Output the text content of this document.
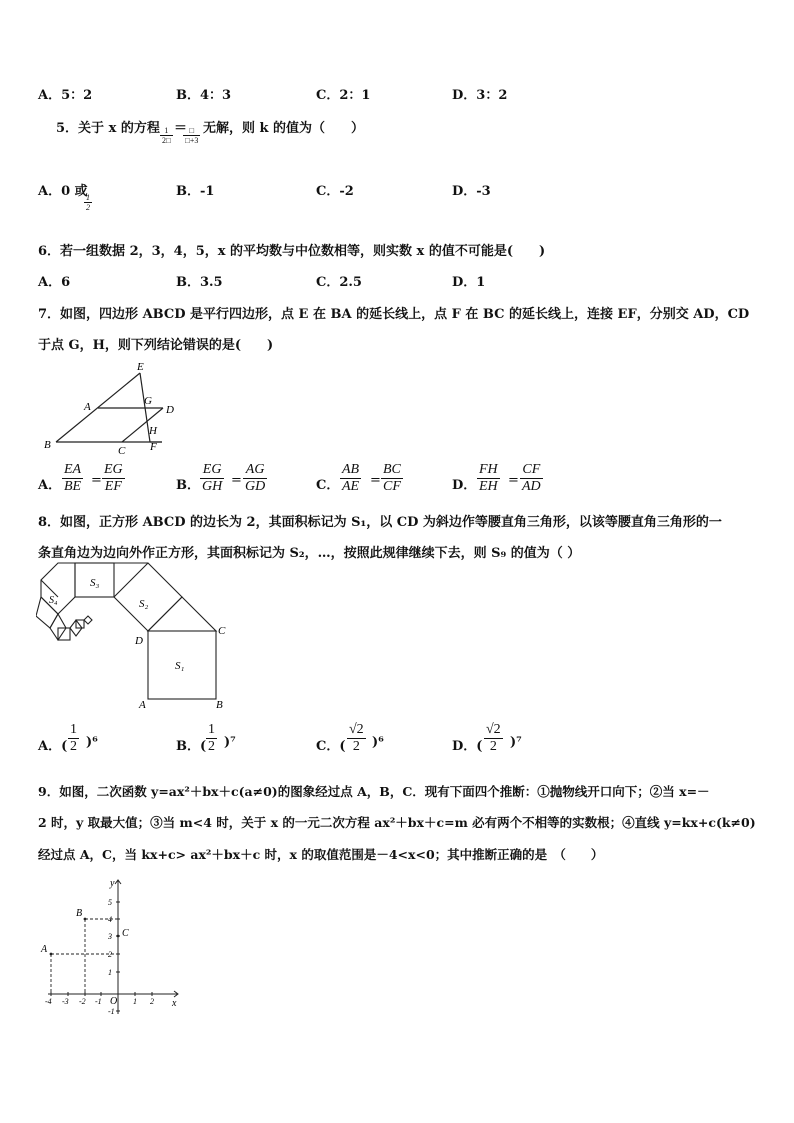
A．5：2	B．4：3	C．2：1	D．3：2
5．关于 x 的方程 $\frac{1}{2□}$ ＝ □
□+3
无解，则 k 的值为（　　）
A．0 或
$\frac{1}{2}$
B．-1	C．-2	D．-3
6．若一组数据 2，3，4，5，x 的平均数与中位数相等，则实数 x 的值不可能是(　　)
A．6	B．3.5	C．2.5	D．1
7．如图，四边形 ABCD 是平行四边形，点 E 在 BA 的延长线上，点 F 在 BC 的延长线上，连接 EF，分别交 AD，CD
于点 G，H，则下列结论错误的是(　　)
E
A	G
D
H
B	C F
A． $\frac{EA}{BE} = \frac{EG}{EF}$	B． $\frac{EG}{GH} = \frac{AG}{GD}$	C． $\frac{AB}{AE} = \frac{BC}{CF}$	D． $\frac{FH}{EH} = \frac{CF}{AD}$
8．如图，正方形 ABCD 的边长为 2，其面积标记为 S₁，以 CD 为斜边作等腰直角三角形，以该等腰直角三角形的一
条直角边为边向外作正方形，其面积标记为 S₂，…，按照此规律继续下去，则 S₉ 的值为（ ）
S₃
S₂
S₄
D
C
S₁
A	B
A．( $\frac{1}{2} )^6$	B．( $\frac{1}{2} )^7$	C．( $\frac{√2}{2} )^6$	D．( $\frac{√2}{2} )^7$
9．如图，二次函数 y=ax²＋bx＋c(a≠0)的图象经过点 A，B，C．现有下面四个推断：①抛物线开口向下；②当 x=－
2 时，y 取最大值；③当 m<4 时，关于 x 的一元二次方程 ax²＋bx＋c=m 必有两个不相等的实数根；④直线 y=kx+c(k≠0)
经过点 A，C，当 kx+c> ax²＋bx＋c 时，x 的取值范围是－4<x<0；其中推断正确的是　（　　）
y
x
O
A
B
C
5
4
3
2
1
-1
-4 -3 -2 -1	1 2
